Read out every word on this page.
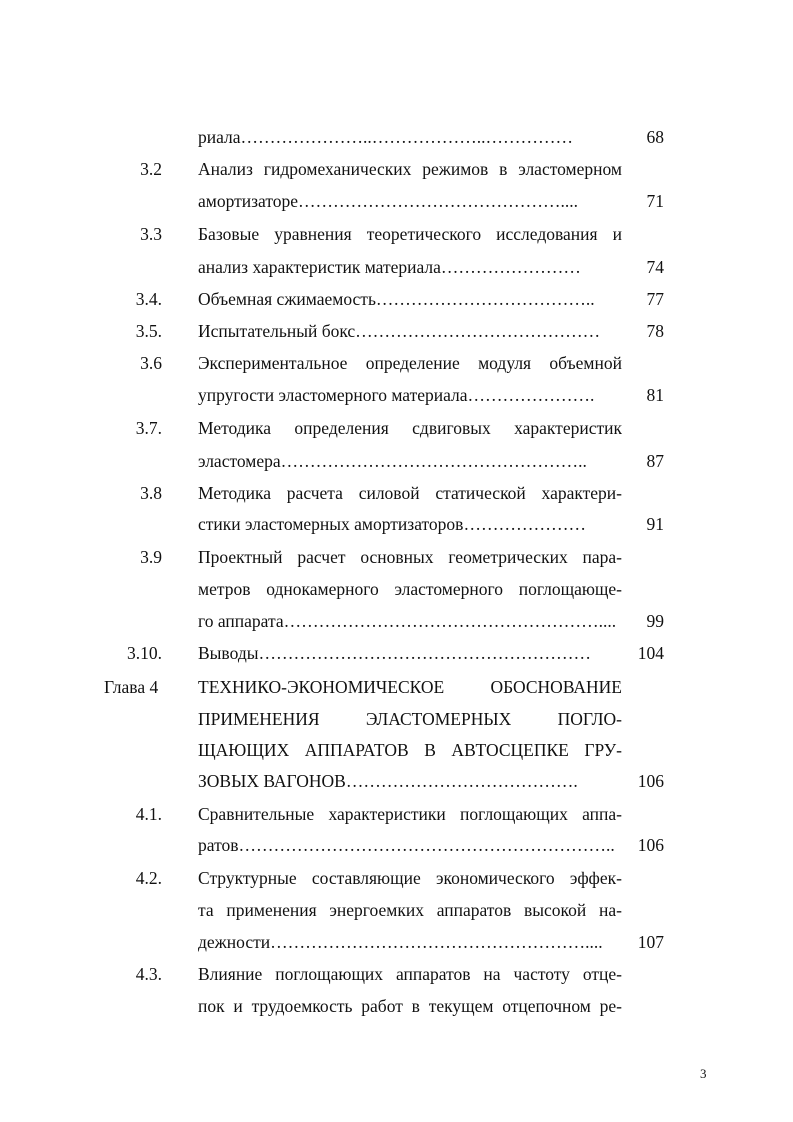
риала…………………..………………..……………	68
3.2 Анализ гидромеханических режимов в эластомерном
амортизаторе………………………………………....	71
3.3 Базовые уравнения теоретического исследования и
анализ характеристик материала……………………	74
3.4. Объемная сжимаемость………………………………..	77
3.5. Испытательный бокс……………………………………	78
3.6 Экспериментальное определение модуля объемной
упругости эластомерного материала………………….	81
3.7. Методика определения сдвиговых характеристик
эластомера……………………………………………..	87
3.8 Методика расчета силовой статической характери-
стики эластомерных амортизаторов…………………	91
3.9 Проектный расчет основных геометрических пара-
метров однокамерного эластомерного поглощающе-
го аппарата………………………………………………....	99
3.10. Выводы…………………………………………………	104
Глава 4 ТЕХНИКО-ЭКОНОМИЧЕСКОЕ ОБОСНОВАНИЕ
ПРИМЕНЕНИЯ ЭЛАСТОМЕРНЫХ ПОГЛО-
ЩАЮЩИХ АППАРАТОВ В АВТОСЦЕПКЕ ГРУ-
ЗОВЫХ ВАГОНОВ………………………………….	106
4.1. Сравнительные характеристики поглощающих аппа-
ратов………………………………………………………..	106
4.2. Структурные составляющие экономического эффек-
та применения энергоемких аппаратов высокой на-
дежности………………………………………………....	107
4.3. Влияние поглощающих аппаратов на частоту отце-
пок и трудоемкость работ в текущем отцепочном ре-
3
